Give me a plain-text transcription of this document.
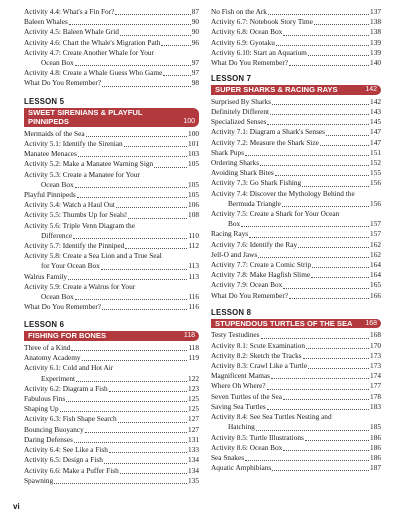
Activity 4.4: What's a Fin For?	87
Baleen Whales	90
Activity 4.5: Baleen Whale Grid	90
Activity 4.6: Chart the Whale's Migration Path	96
Activity 4.7: Create Another Whale for Your
Ocean Box	97
Activity 4.8: Create a Whale Guess Who Game	97
What Do You Remember?	98
LESSON 5
SWEET SIRENIANS & PLAYFUL
PINNIPEDS	100
Mermaids of the Sea	100
Activity 5.1: Identify the Sirenian	101
Manatee Menaces	103
Activity 5.2: Make a Manatee Warning Sign	105
Activity 5.3: Create a Manatee for Your
Ocean Box	105
Playful Pinnipeds	105
Activity 5.4: Watch a Haul Out	106
Activity 5.5: Thumbs Up for Seals!	108
Activity 5.6: Triple Venn Diagram the
Difference	110
Activity 5.7: Identify the Pinniped	112
Activity 5.8: Create a Sea Lion and a True Seal
for Your Ocean Box	113
Walrus Family	113
Activity 5.9: Create a Walrus for Your
Ocean Box	116
What Do You Remember?	116
LESSON 6
FISHING FOR BONES	118
Three of a Kind	118
Anatomy Academy	119
Activity 6.1: Cold and Hot Air
Experiment	122
Activity 6.2: Diagram a Fish	123
Fabulous Fins	125
Shaping Up	125
Activity 6.3: Fish Shape Search	127
Bouncing Buoyancy	127
Daring Defenses	131
Activity 6.4: See Like a Fish	133
Activity 6.5: Design a Fish	134
Activity 6.6: Make a Puffer Fish	134
Spawning	135
No Fish on the Ark	137
Activity 6.7: Notebook Story Time	138
Activity 6.8: Ocean Box	138
Activity 6.9: Gyotaku	139
Activity 6.10: Start an Aquarium	139
What Do You Remember?	140
LESSON 7
SUPER SHARKS & RACING RAYS	142
Surprised By Sharks	142
Definitely Different	143
Specialized Senses	145
Activity 7.1: Diagram a Shark's Senses	147
Activity 7.2: Measure the Shark Size	147
Shark Pups	151
Ordering Sharks	152
Avoiding Shark Bites	155
Activity 7.3: Go Shark Fishing	156
Activity 7.4: Discover the Mythology Behind the
Bermuda Triangle	156
Activity 7.5: Create a Shark for Your Ocean
Box	157
Racing Rays	157
Activity 7.6: Identify the Ray	162
Jell-O and Jaws	162
Activity 7.7: Create a Comic Strip	164
Activity 7.8: Make Hagfish Slime	164
Activity 7.9: Ocean Box	165
What Do You Remember?	166
LESSON 8
STUPENDOUS TURTLES OF THE SEA 168
Testy Testudines	168
Activity 8.1: Scute Examination	170
Activity 8.2: Sketch the Tracks	173
Activity 8.3: Crawl Like a Turtle	173
Magnificent Mamas	174
Where Oh Where?	177
Seven Turtles of the Sea	178
Saving Sea Turtles	183
Activity 8.4: See Sea Turtles Nesting and
Hatching	185
Activity 8.5: Turtle Illustrations	186
Activity 8.6: Ocean Box	186
Sea Snakes	186
Aquatic Amphibians	187
vi
